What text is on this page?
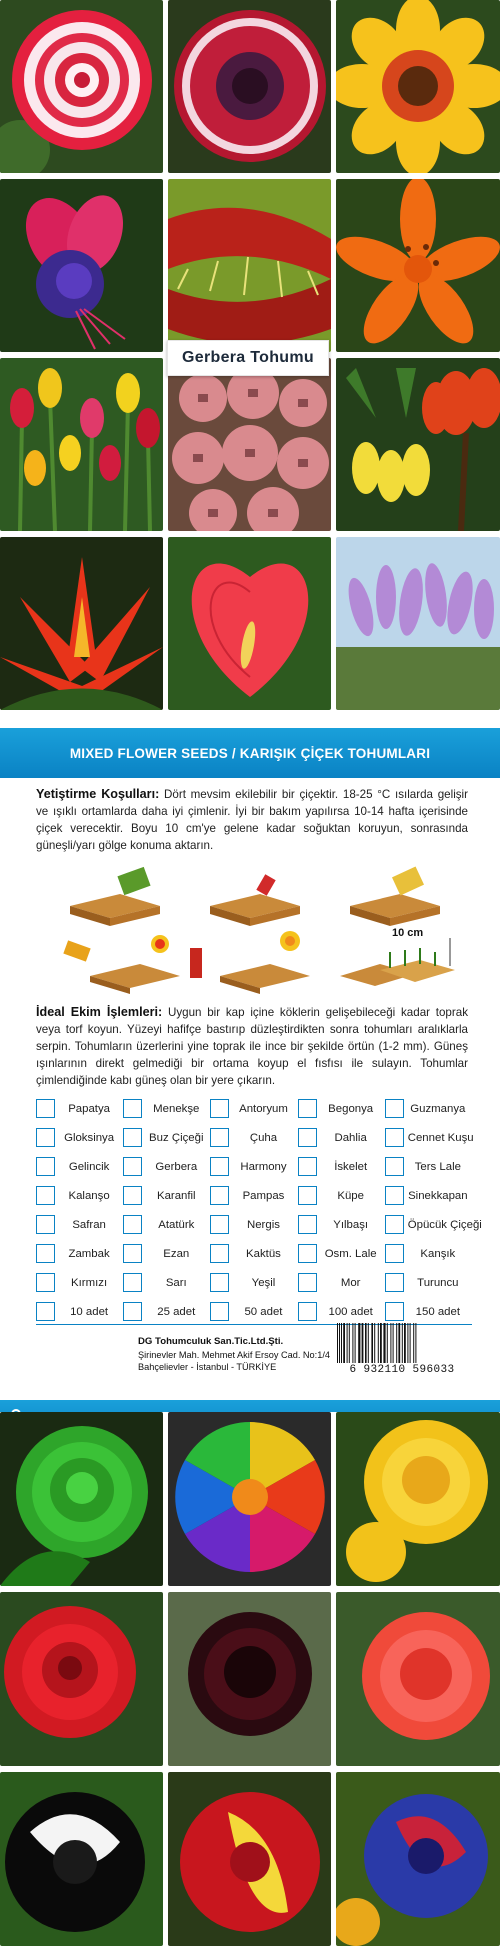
Gerbera Tohumu
MIXED FLOWER SEEDS / KARIŞIK ÇİÇEK TOHUMLARI
Yetiştirme Koşulları: Dört mevsim ekilebilir bir çiçektir. 18-25 °C ısılarda gelişir ve ışıklı ortamlarda daha iyi çimlenir. İyi bir bakım yapılırsa 10-14 hafta içerisinde çiçek verecektir. Boyu 10 cm'ye gelene kadar soğuktan koruyun, sonrasında güneşli/yarı gölge konuma aktarın.
10 cm
İdeal Ekim İşlemleri: Uygun bir kap içine köklerin gelişebileceği kadar toprak veya torf koyun. Yüzeyi hafifçe bastırıp düzleştirdikten sonra tohumları aralıklarla serpin. Tohumların üzerlerini yine toprak ile ince bir şekilde örtün (1-2 mm). Güneş ışınlarının direkt gelmediği bir ortama koyup el fısfısı ile sulayın. Tohumlar çimlendiğinde kabı güneş olan bir yere çıkarın.
Papatya	Menekşe	Antoryum	Begonya	Guzmanya
Gloksinya	Buz Çiçeği	Çuha	Dahlia	Cennet Kuşu
Gelincik	Gerbera	Harmony	İskelet	Ters Lale
Kalanşo	Karanfil	Pampas	Küpe	Sinekkapan
Safran	Atatürk	Nergis	Yılbaşı	Öpücük Çiçeği
Zambak	Ezan	Kaktüs	Osm. Lale	Kanşık
Kırmızı	Sarı	Yeşil	Mor	Turuncu
10 adet	25 adet	50 adet	100 adet	150 adet
DG Tohumculuk San.Tic.Ltd.Şti.
Şirinevler Mah. Mehmet Akif Ersoy Cad. No:1/4
Bahçelievler - İstanbul - TÜRKİYE	6 932110 596033
